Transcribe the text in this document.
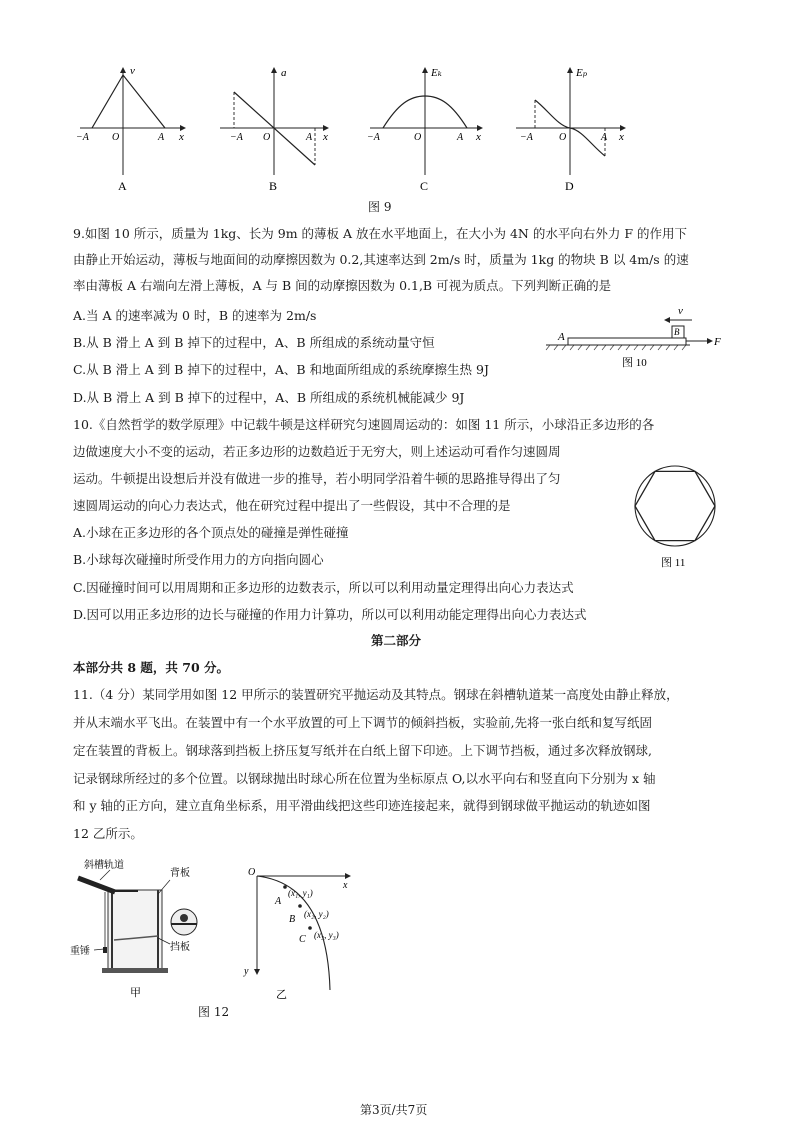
v
x
−A O	A
A
a
x
−A O	A
B
Eₖ
x
−A	O	A
C
Eₚ
x
−A	O	A
D
图 9
9.如图 10 所示，质量为 1kg、长为 9m 的薄板 A 放在水平地面上，在大小为 4N 的水平向右外力 F 的作用下
由静止开始运动，薄板与地面间的动摩擦因数为 0.2,其速率达到 2m/s 时，质量为 1kg 的物块 B 以 4m/s 的速
率由薄板 A 右端向左滑上薄板，A 与 B 间的动摩擦因数为 0.1,B 可视为质点。下列判断正确的是
A.当 A 的速率减为 0 时，B 的速率为 2m/s
B.从 B 滑上 A 到 B 掉下的过程中，A、B 所组成的系统动量守恒
C.从 B 滑上 A 到 B 掉下的过程中，A、B 和地面所组成的系统摩擦生热 9J
D.从 B 滑上 A 到 B 掉下的过程中，A、B 所组成的系统机械能减少 9J
v
A	B
F
图 10
10.《自然哲学的数学原理》中记载牛顿是这样研究匀速圆周运动的：如图 11 所示，小球沿正多边形的各
边做速度大小不变的运动，若正多边形的边数趋近于无穷大，则上述运动可看作匀速圆周
运动。牛顿提出设想后并没有做进一步的推导，若小明同学沿着牛顿的思路推导得出了匀
速圆周运动的向心力表达式，他在研究过程中提出了一些假设，其中不合理的是
A.小球在正多边形的各个顶点处的碰撞是弹性碰撞
B.小球每次碰撞时所受作用力的方向指向圆心
C.因碰撞时间可以用周期和正多边形的边数表示，所以可以利用动量定理得出向心力表达式
D.因可以用正多边形的边长与碰撞的作用力计算功，所以可以利用动能定理得出向心力表达式
图 11
第二部分
本部分共 8 题，共 70 分。
11.（4 分）某同学用如图 12 甲所示的装置研究平抛运动及其特点。钢球在斜槽轨道某一高度处由静止释放，
并从末端水平飞出。在装置中有一个水平放置的可上下调节的倾斜挡板，实验前,先将一张白纸和复写纸固
定在装置的背板上。钢球落到挡板上挤压复写纸并在白纸上留下印迹。上下调节挡板，通过多次释放钢球,
记录钢球所经过的多个位置。以钢球抛出时球心所在位置为坐标原点 O,以水平向右和竖直向下分别为 x 轴
和 y 轴的正方向，建立直角坐标系，用平滑曲线把这些印迹连接起来，就得到钢球做平抛运动的轨迹如图
12 乙所示。
斜槽轨道
背板
重锤	挡板
甲
O
x
y
A
B
C
(x₁, y₁)
(x₂, y₂)
(x₃, y₃)
乙
图 12
第3页/共7页
